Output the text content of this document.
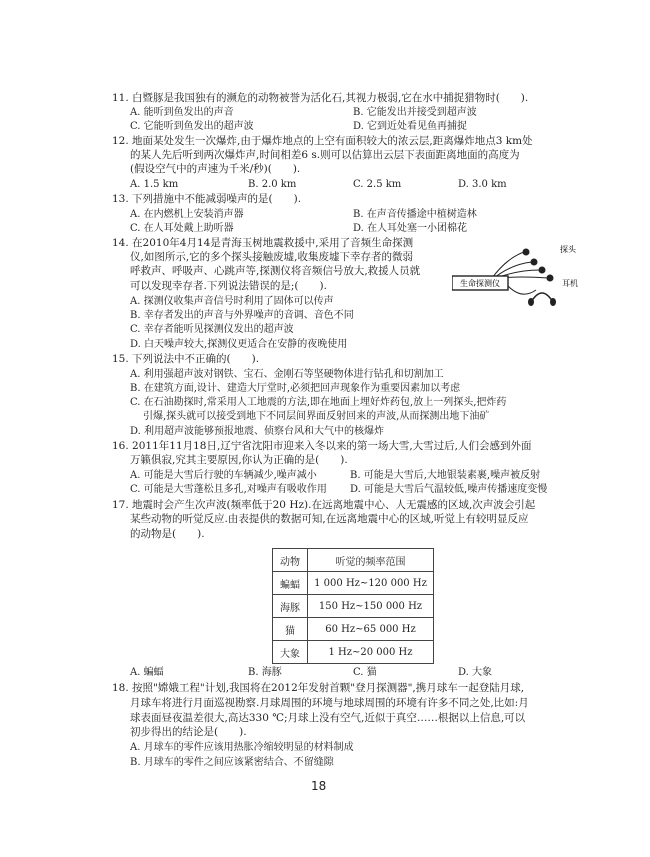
11. 白暨豚是我国独有的濒危的动物被誉为活化石,其视力极弱,它在水中捕捉猎物时(　　).
A. 能听到鱼发出的声音	B. 它能发出并接受到超声波
C. 它能听到鱼发出的超声波	D. 它到近处看见鱼再捕捉
12. 地面某处发生一次爆炸,由于爆炸地点的上空有面积较大的浓云层,距离爆炸地点3 km处
的某人先后听到两次爆炸声,时间相差6 s.则可以估算出云层下表面距离地面的高度为
(假设空气中的声速为千米/秒)(　　).
A. 1.5 km	B. 2.0 km	C. 2.5 km	D. 3.0 km
13. 下列措施中不能减弱噪声的是(　　).
A. 在内燃机上安装消声器	B. 在声音传播途中植树造林
C. 在人耳处戴上助听器	D. 在人耳处塞一小团棉花
14. 在2010年4月14是青海玉树地震救援中,采用了音频生命探测
仪,如图所示,它的多个探头接触废墟,收集废墟下幸存者的微弱
呼救声、呼吸声、心跳声等,探测仪将音频信号放大,救援人员就
可以发现幸存者.下列说法错误的是;(　　).	生命探测仪
探头
耳机
A. 探测仪收集声音信号时利用了固体可以传声
B. 幸存者发出的声音与外界噪声的音调、音色不同
C. 幸存者能听见探测仪发出的超声波
D. 白天噪声较大,探测仪更适合在安静的夜晚使用
15. 下列说法中不正确的(　　).
A. 利用强超声波对钢铁、宝石、金刚石等坚硬物体进行钻孔和切割加工
B. 在建筑方面,设计、建造大厅堂时,必须把回声现象作为重要因素加以考虑
C. 在石油勘探时,常采用人工地震的方法,即在地面上埋好炸药包,放上一列探头,把炸药
引爆,探头就可以接受到地下不同层间界面反射回来的声波,从而探测出地下油矿
D. 利用超声波能够预报地震、侦察台风和大气中的核爆炸
16. 2011年11月18日,辽宁省沈阳市迎来入冬以来的第一场大雪,大雪过后,人们会感到外面
万籁俱寂,究其主要原因,你认为正确的是(　　).
A. 可能是大雪后行驶的车辆减少,噪声减小	B. 可能是大雪后,大地银装素裹,噪声被反射
C. 可能是大雪蓬松且多孔,对噪声有吸收作用 D. 可能是大雪后气温较低,噪声传播速度变慢
17. 地震时会产生次声波(频率低于20 Hz).在远离地震中心、人无震感的区域,次声波会引起
某些动物的听觉反应.由表提供的数据可知,在远离地震中心的区域,听觉上有较明显反应
的动物是(　　).
动物	听觉的频率范围
蝙蝠	1 000 Hz~120 000 Hz
海豚	150 Hz~150 000 Hz
猫	60 Hz~65 000 Hz
大象	1 Hz~20 000 Hz
A. 蝙蝠	B. 海豚	C. 猫	D. 大象
18. 按照"嫦娥工程"计划,我国将在2012年发射首颗"登月探测器",携月球车一起登陆月球,
月球车将进行月面巡视勘察.月球周围的环境与地球周围的环境有许多不同之处,比如:月
球表面昼夜温差很大,高达330 ℃;月球上没有空气,近似于真空……根据以上信息,可以
初步得出的结论是(　　).
A. 月球车的零件应该用热胀冷缩较明显的材料制成
B. 月球车的零件之间应该紧密结合、不留缝隙
18
